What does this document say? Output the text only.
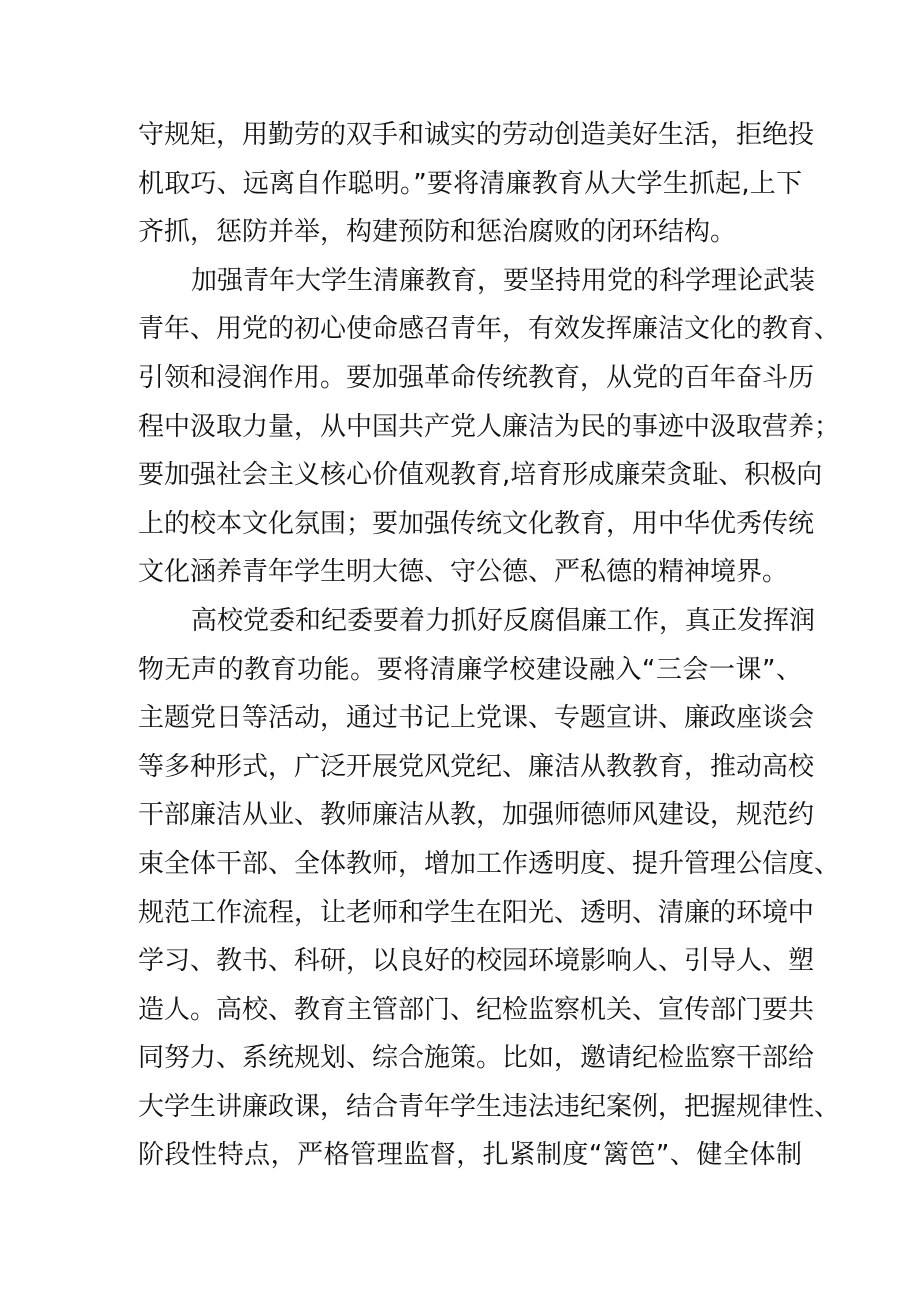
守规矩，用勤劳的双手和诚实的劳动创造美好生活，拒绝投
机取巧、远离自作聪明。”要将清廉教育从大学生抓起,上下
齐抓，惩防并举，构建预防和惩治腐败的闭环结构。
加强青年大学生清廉教育，要坚持用党的科学理论武装
青年、用党的初心使命感召青年，有效发挥廉洁文化的教育、
引领和浸润作用。要加强革命传统教育，从党的百年奋斗历
程中汲取力量，从中国共产党人廉洁为民的事迹中汲取营养；
要加强社会主义核心价值观教育,培育形成廉荣贪耻、积极向
上的校本文化氛围；要加强传统文化教育，用中华优秀传统
文化涵养青年学生明大德、守公德、严私德的精神境界。
高校党委和纪委要着力抓好反腐倡廉工作，真正发挥润
物无声的教育功能。要将清廉学校建设融入“三会一课”、
主题党日等活动，通过书记上党课、专题宣讲、廉政座谈会
等多种形式，广泛开展党风党纪、廉洁从教教育，推动高校
干部廉洁从业、教师廉洁从教，加强师德师风建设，规范约
束全体干部、全体教师，增加工作透明度、提升管理公信度、
规范工作流程，让老师和学生在阳光、透明、清廉的环境中
学习、教书、科研，以良好的校园环境影响人、引导人、塑
造人。高校、教育主管部门、纪检监察机关、宣传部门要共
同努力、系统规划、综合施策。比如，邀请纪检监察干部给
大学生讲廉政课，结合青年学生违法违纪案例，把握规律性、
阶段性特点，严格管理监督，扎紧制度“篱笆”、健全体制
